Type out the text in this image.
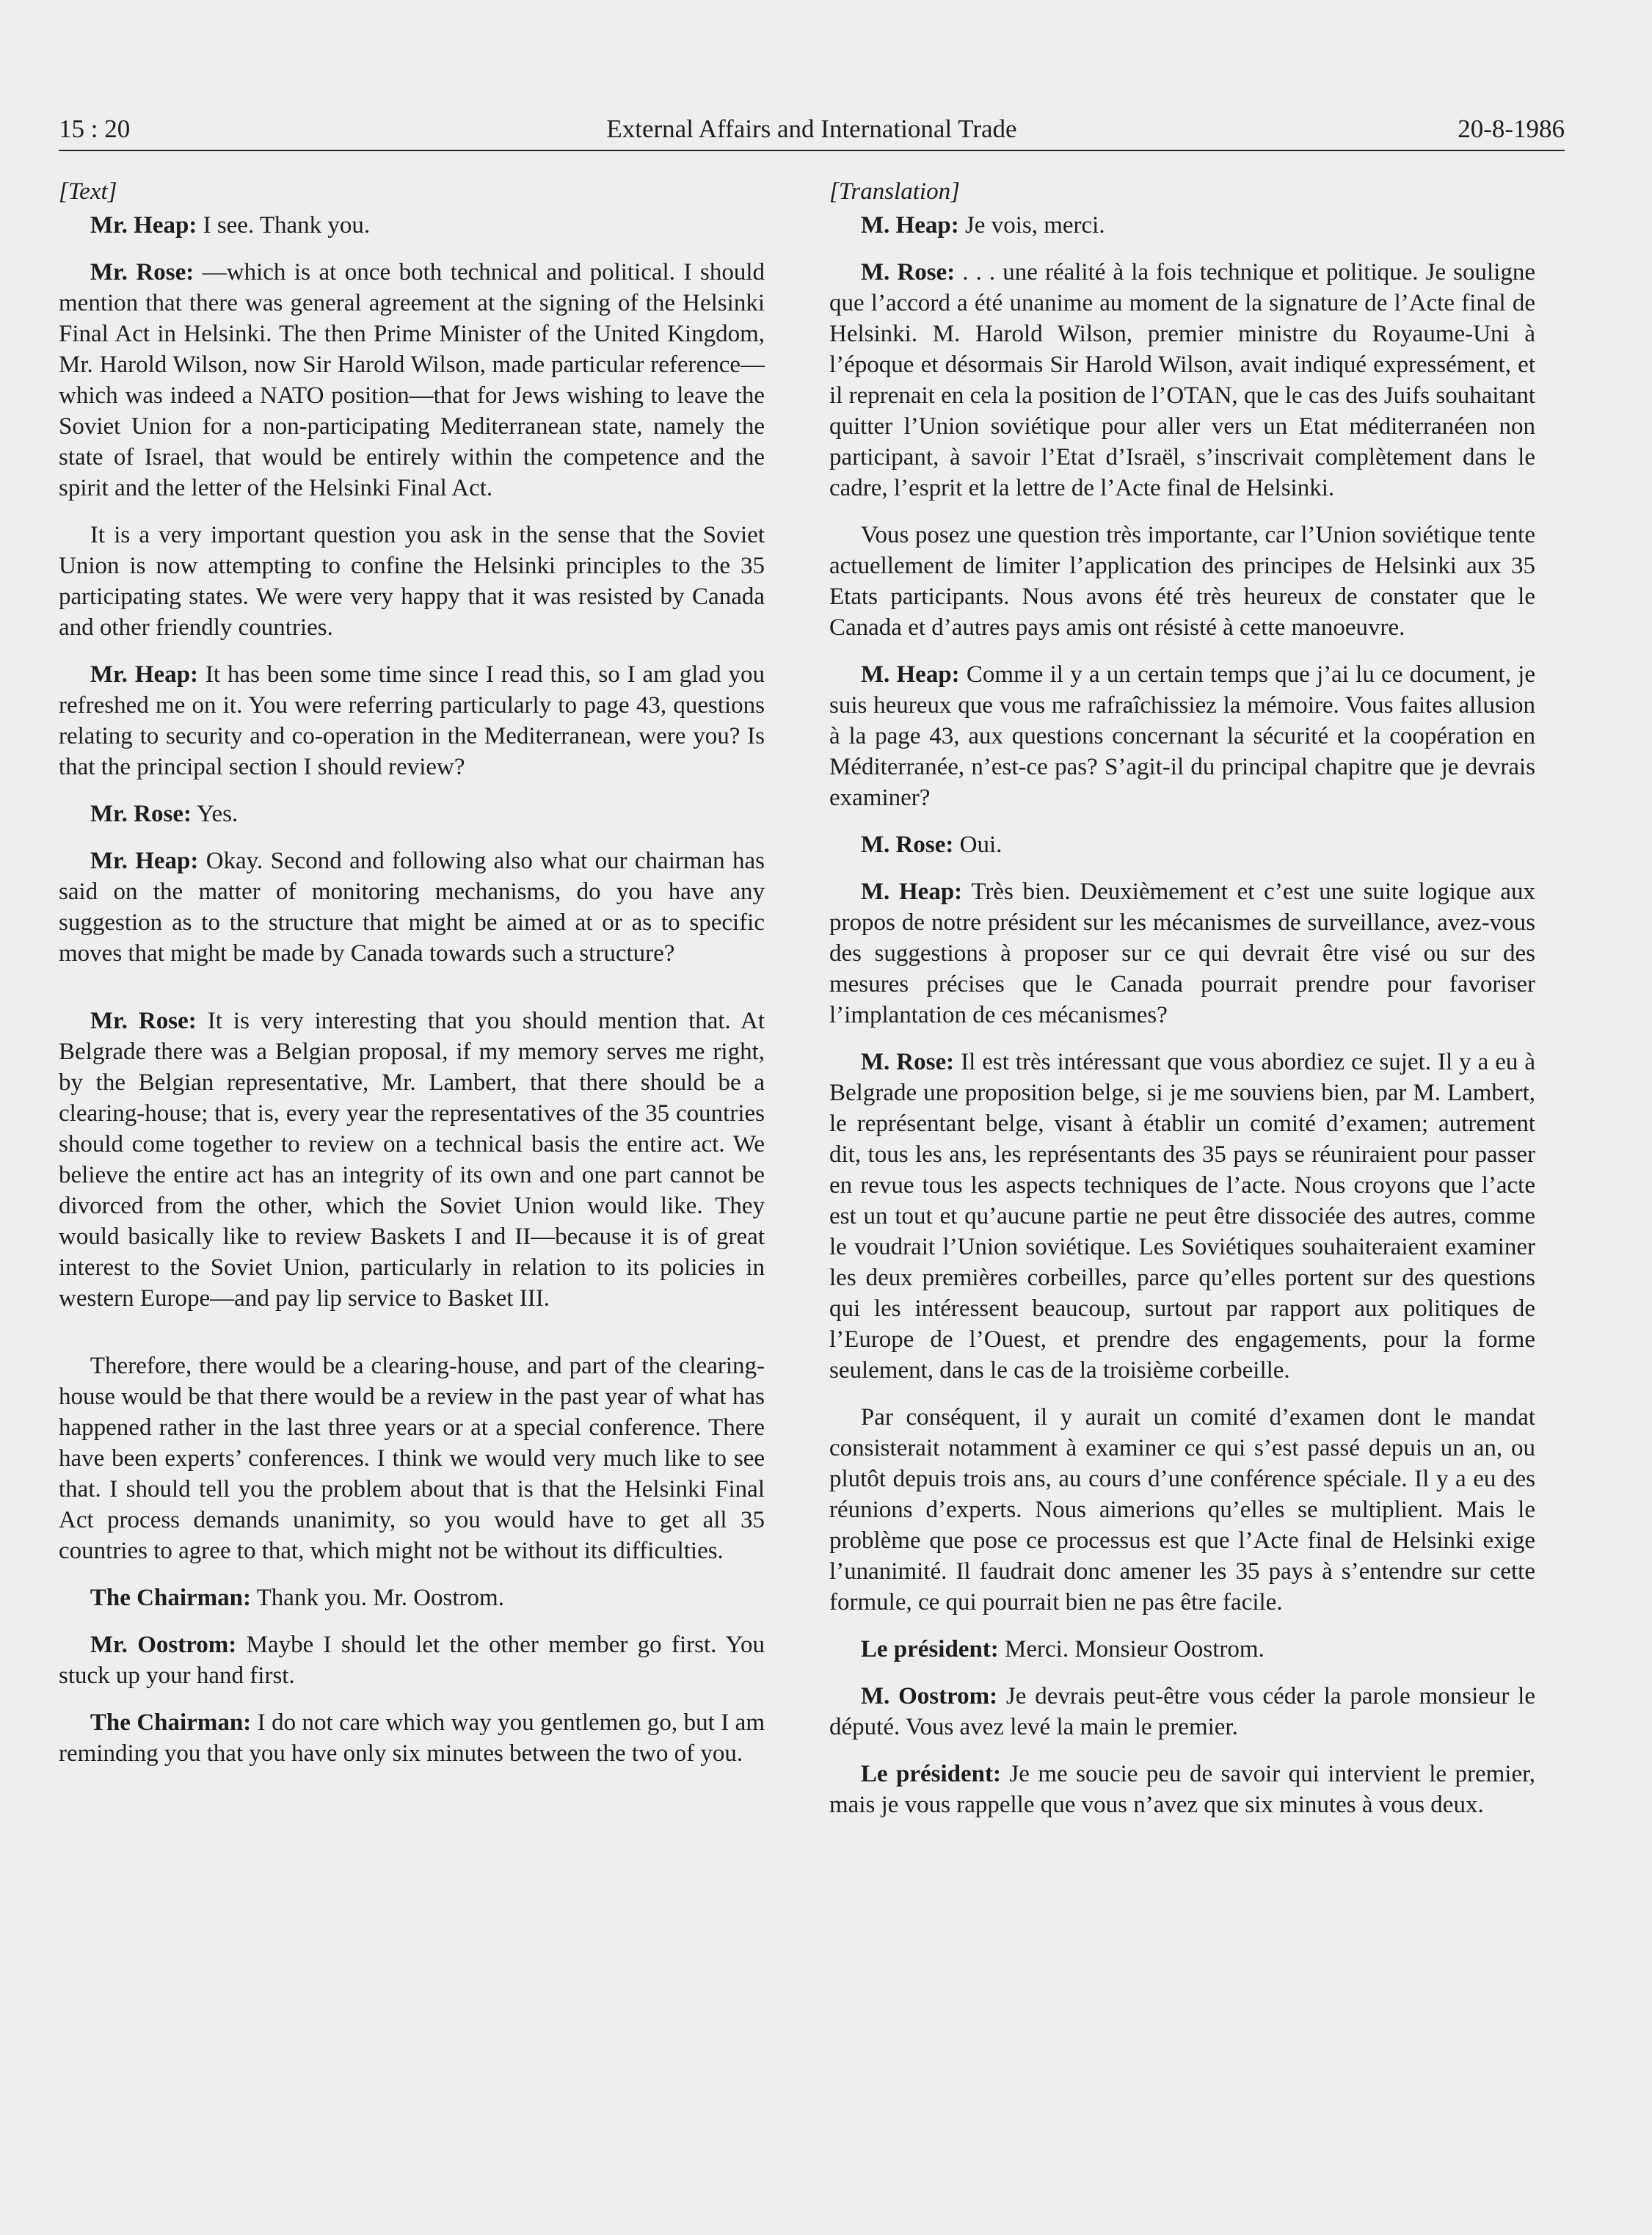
15 : 20	External Affairs and International Trade	20-8-1986

[Text]

Mr. Heap: I see. Thank you.

Mr. Rose: —which is at once both technical and political. I should mention that there was general agreement at the signing of the Helsinki Final Act in Helsinki. The then Prime Minister of the United Kingdom, Mr. Harold Wilson, now Sir Harold Wilson, made particular reference—which was indeed a NATO position—that for Jews wishing to leave the Soviet Union for a non-participating Mediterranean state, namely the state of Israel, that would be entirely within the competence and the spirit and the letter of the Helsinki Final Act.

It is a very important question you ask in the sense that the Soviet Union is now attempting to confine the Helsinki principles to the 35 participating states. We were very happy that it was resisted by Canada and other friendly countries.

Mr. Heap: It has been some time since I read this, so I am glad you refreshed me on it. You were referring particularly to page 43, questions relating to security and co-operation in the Mediterranean, were you? Is that the principal section I should review?

Mr. Rose: Yes.

Mr. Heap: Okay. Second and following also what our chairman has said on the matter of monitoring mechanisms, do you have any suggestion as to the structure that might be aimed at or as to specific moves that might be made by Canada towards such a structure?

Mr. Rose: It is very interesting that you should mention that. At Belgrade there was a Belgian proposal, if my memory serves me right, by the Belgian representative, Mr. Lambert, that there should be a clearing-house; that is, every year the representatives of the 35 countries should come together to review on a technical basis the entire act. We believe the entire act has an integrity of its own and one part cannot be divorced from the other, which the Soviet Union would like. They would basically like to review Baskets I and II—because it is of great interest to the Soviet Union, particularly in relation to its policies in western Europe—and pay lip service to Basket III.

Therefore, there would be a clearing-house, and part of the clearing-house would be that there would be a review in the past year of what has happened rather in the last three years or at a special conference. There have been experts’ conferences. I think we would very much like to see that. I should tell you the problem about that is that the Helsinki Final Act process demands unanimity, so you would have to get all 35 countries to agree to that, which might not be without its difficulties.

The Chairman: Thank you. Mr. Oostrom.

Mr. Oostrom: Maybe I should let the other member go first. You stuck up your hand first.

The Chairman: I do not care which way you gentlemen go, but I am reminding you that you have only six minutes between the two of you.

[Translation]

M. Heap: Je vois, merci.

M. Rose: . . . une réalité à la fois technique et politique. Je souligne que l’accord a été unanime au moment de la signature de l’Acte final de Helsinki. M. Harold Wilson, premier ministre du Royaume-Uni à l’époque et désormais Sir Harold Wilson, avait indiqué expressément, et il reprenait en cela la position de l’OTAN, que le cas des Juifs souhaitant quitter l’Union soviétique pour aller vers un Etat méditerranéen non participant, à savoir l’Etat d’Israël, s’inscrivait complètement dans le cadre, l’esprit et la lettre de l’Acte final de Helsinki.

Vous posez une question très importante, car l’Union soviétique tente actuellement de limiter l’application des principes de Helsinki aux 35 Etats participants. Nous avons été très heureux de constater que le Canada et d’autres pays amis ont résisté à cette manoeuvre.

M. Heap: Comme il y a un certain temps que j’ai lu ce document, je suis heureux que vous me rafraîchissiez la mémoire. Vous faites allusion à la page 43, aux questions concernant la sécurité et la coopération en Méditerranée, n’est-ce pas? S’agit-il du principal chapitre que je devrais examiner?

M. Rose: Oui.

M. Heap: Très bien. Deuxièmement et c’est une suite logique aux propos de notre président sur les mécanismes de surveillance, avez-vous des suggestions à proposer sur ce qui devrait être visé ou sur des mesures précises que le Canada pourrait prendre pour favoriser l’implantation de ces mécanismes?

M. Rose: Il est très intéressant que vous abordiez ce sujet. Il y a eu à Belgrade une proposition belge, si je me souviens bien, par M. Lambert, le représentant belge, visant à établir un comité d’examen; autrement dit, tous les ans, les représentants des 35 pays se réuniraient pour passer en revue tous les aspects techniques de l’acte. Nous croyons que l’acte est un tout et qu’aucune partie ne peut être dissociée des autres, comme le voudrait l’Union soviétique. Les Soviétiques souhaiteraient examiner les deux premières corbeilles, parce qu’elles portent sur des questions qui les intéressent beaucoup, surtout par rapport aux politiques de l’Europe de l’Ouest, et prendre des engagements, pour la forme seulement, dans le cas de la troisième corbeille.

Par conséquent, il y aurait un comité d’examen dont le mandat consisterait notamment à examiner ce qui s’est passé depuis un an, ou plutôt depuis trois ans, au cours d’une conférence spéciale. Il y a eu des réunions d’experts. Nous aimerions qu’elles se multiplient. Mais le problème que pose ce processus est que l’Acte final de Helsinki exige l’unanimité. Il faudrait donc amener les 35 pays à s’entendre sur cette formule, ce qui pourrait bien ne pas être facile.

Le président: Merci. Monsieur Oostrom.

M. Oostrom: Je devrais peut-être vous céder la parole monsieur le député. Vous avez levé la main le premier.

Le président: Je me soucie peu de savoir qui intervient le premier, mais je vous rappelle que vous n’avez que six minutes à vous deux.
